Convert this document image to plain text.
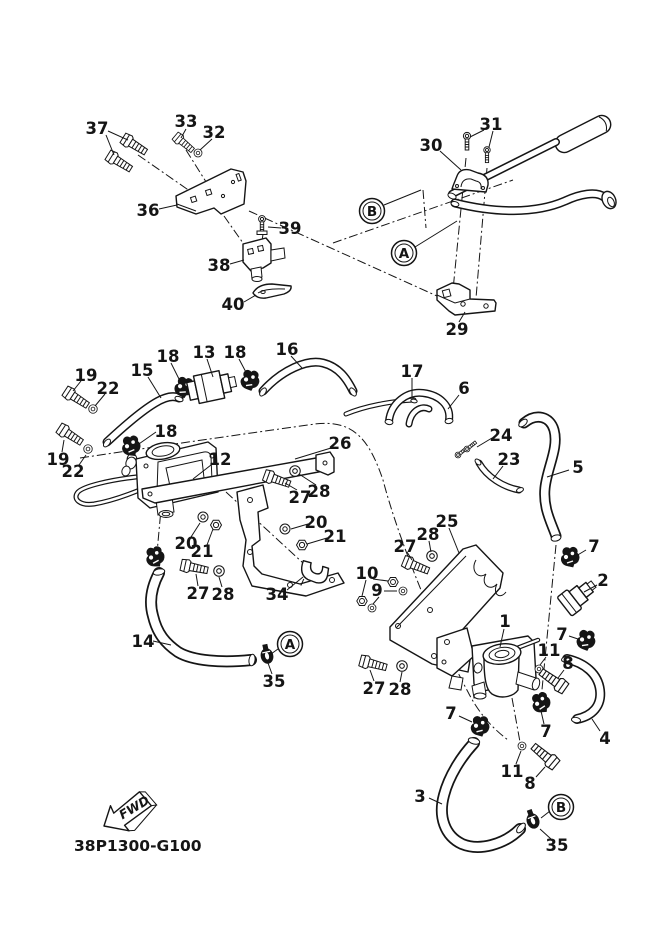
FWD
38P1300-G100
37	33
32
36
39
38
40
31
30
29
18 13 18 16
15
19
22
17
6
19
22
18	24
23
12
26
5
27
28
20
21
25
28
27
20
21
10
9
7
2
27 28 34
1
7
14	11
8
35	27 28
7
7
11
8
3
4
35
B
A
A
B
